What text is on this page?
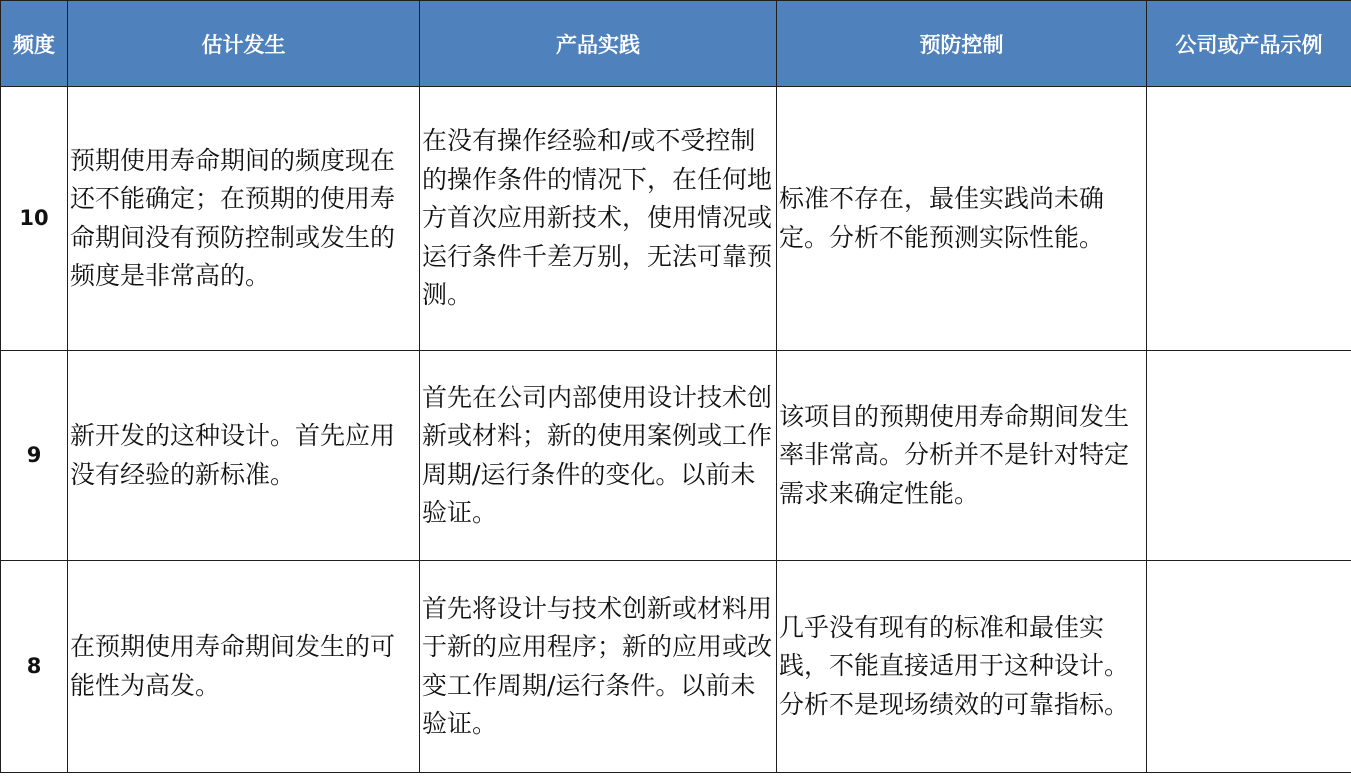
频度	估计发生	产品实践	预防控制	公司或产品示例
10	预期使用寿命期间的频度现在还不能确定；在预期的使用寿命期间没有预防控制或发生的频度是非常高的。	在没有操作经验和/或不受控制的操作条件的情况下，在任何地方首次应用新技术，使用情况或运行条件千差万别，无法可靠预测。	标准不存在，最佳实践尚未确定。分析不能预测实际性能。	
9	新开发的这种设计。首先应用没有经验的新标准。	首先在公司内部使用设计技术创新或材料；新的使用案例或工作周期/运行条件的变化。以前未验证。	该项目的预期使用寿命期间发生率非常高。分析并不是针对特定需求来确定性能。	
8	在预期使用寿命期间发生的可能性为高发。	首先将设计与技术创新或材料用于新的应用程序；新的应用或改变工作周期/运行条件。以前未验证。	几乎没有现有的标准和最佳实践，不能直接适用于这种设计。分析不是现场绩效的可靠指标。	
